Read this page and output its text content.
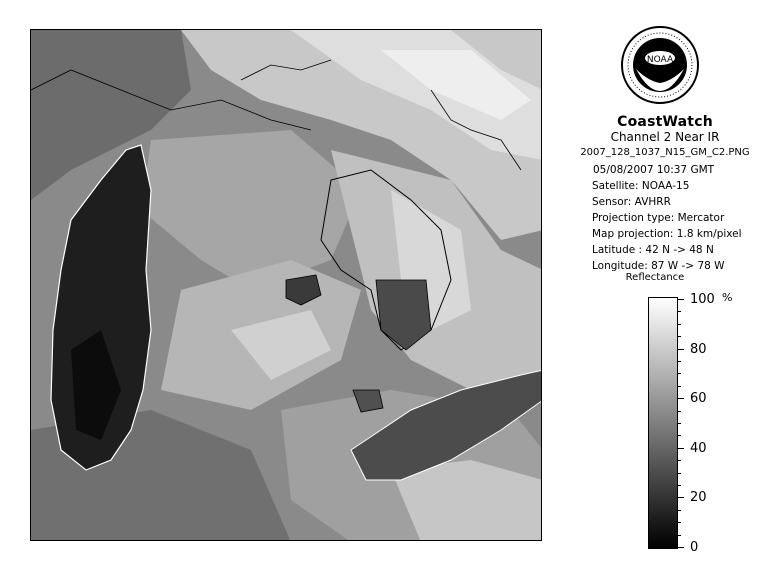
NOAA
CoastWatch
Channel 2 Near IR
2007_128_1037_N15_GM_C2.PNG
05/08/2007 10:37 GMT
Satellite: NOAA-15
Sensor: AVHRR
Projection type: Mercator
Map projection: 1.8 km/pixel
Latitude : 42 N -> 48 N
Longitude: 87 W -> 78 W
Reflectance
%
100
80
60
40
20
0
